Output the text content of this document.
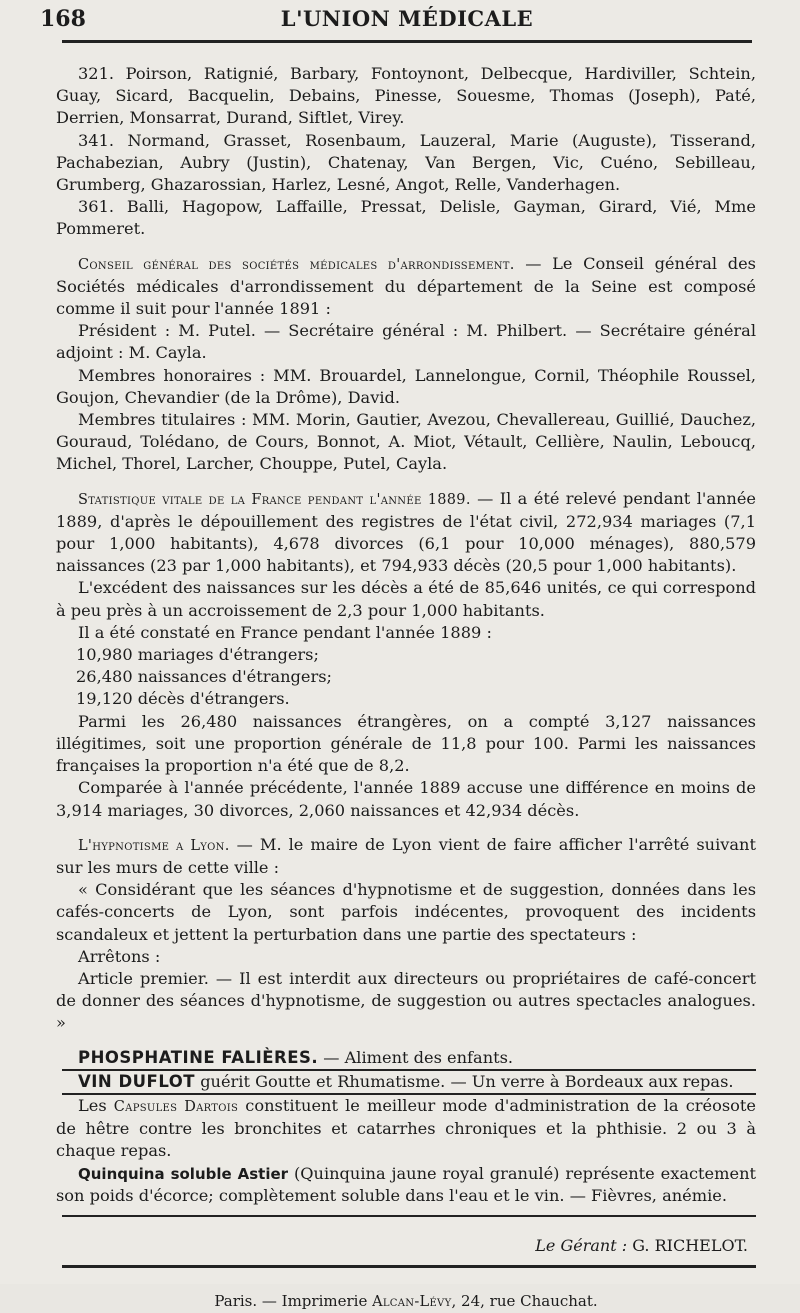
168	L'UNION MÉDICALE

321. Poirson, Ratignié, Barbary, Fontoynont, Delbecque, Hardiviller, Schtein, Guay, Sicard, Bacquelin, Debains, Pinesse, Souesme, Thomas (Joseph), Paté, Derrien, Monsarrat, Durand, Siftlet, Virey.

341. Normand, Grasset, Rosenbaum, Lauzeral, Marie (Auguste), Tisserand, Pachabezian, Aubry (Justin), Chatenay, Van Bergen, Vic, Cuéno, Sebilleau, Grumberg, Ghazarossian, Harlez, Lesné, Angot, Relle, Vanderhagen.

361. Balli, Hagopow, Laffaille, Pressat, Delisle, Gayman, Girard, Vié, Mme Pommeret.

Conseil général des sociétés médicales d'arrondissement. — Le Conseil général des Sociétés médicales d'arrondissement du département de la Seine est composé comme il suit pour l'année 1891 :

Président : M. Putel. — Secrétaire général : M. Philbert. — Secrétaire général adjoint : M. Cayla.

Membres honoraires : MM. Brouardel, Lannelongue, Cornil, Théophile Roussel, Goujon, Chevandier (de la Drôme), David.

Membres titulaires : MM. Morin, Gautier, Avezou, Chevallereau, Guillié, Dauchez, Gouraud, Tolédano, de Cours, Bonnot, A. Miot, Vétault, Cellière, Naulin, Leboucq, Michel, Thorel, Larcher, Chouppe, Putel, Cayla.

Statistique vitale de la France pendant l'année 1889. — Il a été relevé pendant l'année 1889, d'après le dépouillement des registres de l'état civil, 272,934 mariages (7,1 pour 1,000 habitants), 4,678 divorces (6,1 pour 10,000 ménages), 880,579 naissances (23 par 1,000 habitants), et 794,933 décès (20,5 pour 1,000 habitants).

L'excédent des naissances sur les décès a été de 85,646 unités, ce qui correspond à peu près à un accroissement de 2,3 pour 1,000 habitants.

Il a été constaté en France pendant l'année 1889 :

10,980 mariages d'étrangers;

26,480 naissances d'étrangers;

19,120 décès d'étrangers.

Parmi les 26,480 naissances étrangères, on a compté 3,127 naissances illégitimes, soit une proportion générale de 11,8 pour 100. Parmi les naissances françaises la proportion n'a été que de 8,2.

Comparée à l'année précédente, l'année 1889 accuse une différence en moins de 3,914 mariages, 30 divorces, 2,060 naissances et 42,934 décès.

L'hypnotisme a Lyon. — M. le maire de Lyon vient de faire afficher l'arrêté suivant sur les murs de cette ville :

« Considérant que les séances d'hypnotisme et de suggestion, données dans les cafés-concerts de Lyon, sont parfois indécentes, provoquent des incidents scandaleux et jettent la perturbation dans une partie des spectateurs :

Arrêtons :

Article premier. — Il est interdit aux directeurs ou propriétaires de café-concert de donner des séances d'hypnotisme, de suggestion ou autres spectacles analogues. »

PHOSPHATINE FALIÈRES. — Aliment des enfants.

VIN DUFLOT guérit Goutte et Rhumatisme. — Un verre à Bordeaux aux repas.

Les Capsules Dartois constituent le meilleur mode d'administration de la créosote de hêtre contre les bronchites et catarrhes chroniques et la phthisie. 2 ou 3 à chaque repas.

Quinquina soluble Astier (Quinquina jaune royal granulé) représente exactement son poids d'écorce; complètement soluble dans l'eau et le vin. — Fièvres, anémie.

Le Gérant : G. RICHELOT.
Paris. — Imprimerie Alcan-Lévy, 24, rue Chauchat.
